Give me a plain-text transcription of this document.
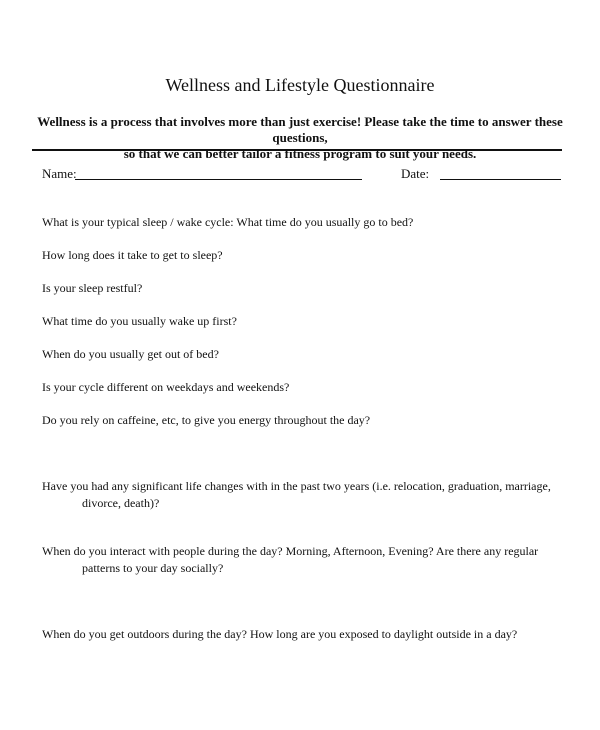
Wellness and Lifestyle Questionnaire
Wellness is a process that involves more than just exercise! Please take the time to answer these questions,
so that we can better tailor a fitness program to suit your needs.
Name:	Date:
What is your typical sleep / wake cycle: What time do you usually go to bed?
How long does it take to get to sleep?
Is your sleep restful?
What time do you usually wake up first?
When do you usually get out of bed?
Is your cycle different on weekdays and weekends?
Do you rely on caffeine, etc, to give you energy throughout the day?
Have you had any significant life changes with in the past two years (i.e. relocation, graduation, marriage,
divorce, death)?
When do you interact with people during the day? Morning, Afternoon, Evening? Are there any regular
patterns to your day socially?
When do you get outdoors during the day? How long are you exposed to daylight outside in a day?
